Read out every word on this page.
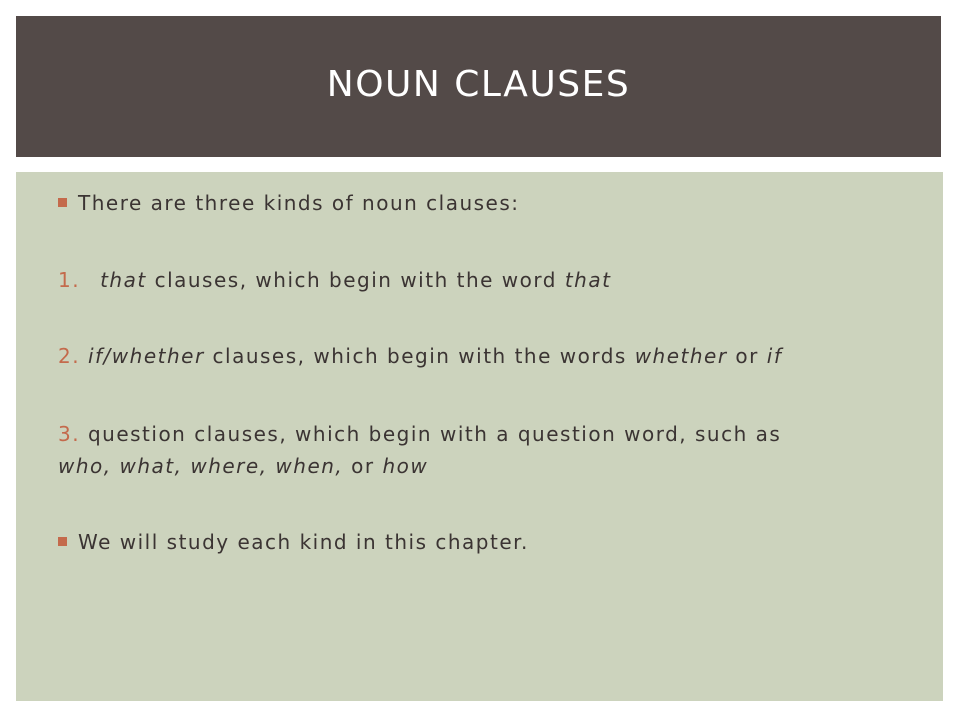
NOUN CLAUSES
There are three kinds of noun clauses:
1. that clauses, which begin with the word that
2. if/whether clauses, which begin with the words whether or if
3. question clauses, which begin with a question word, such as
who, what, where, when, or how
We will study each kind in this chapter.
